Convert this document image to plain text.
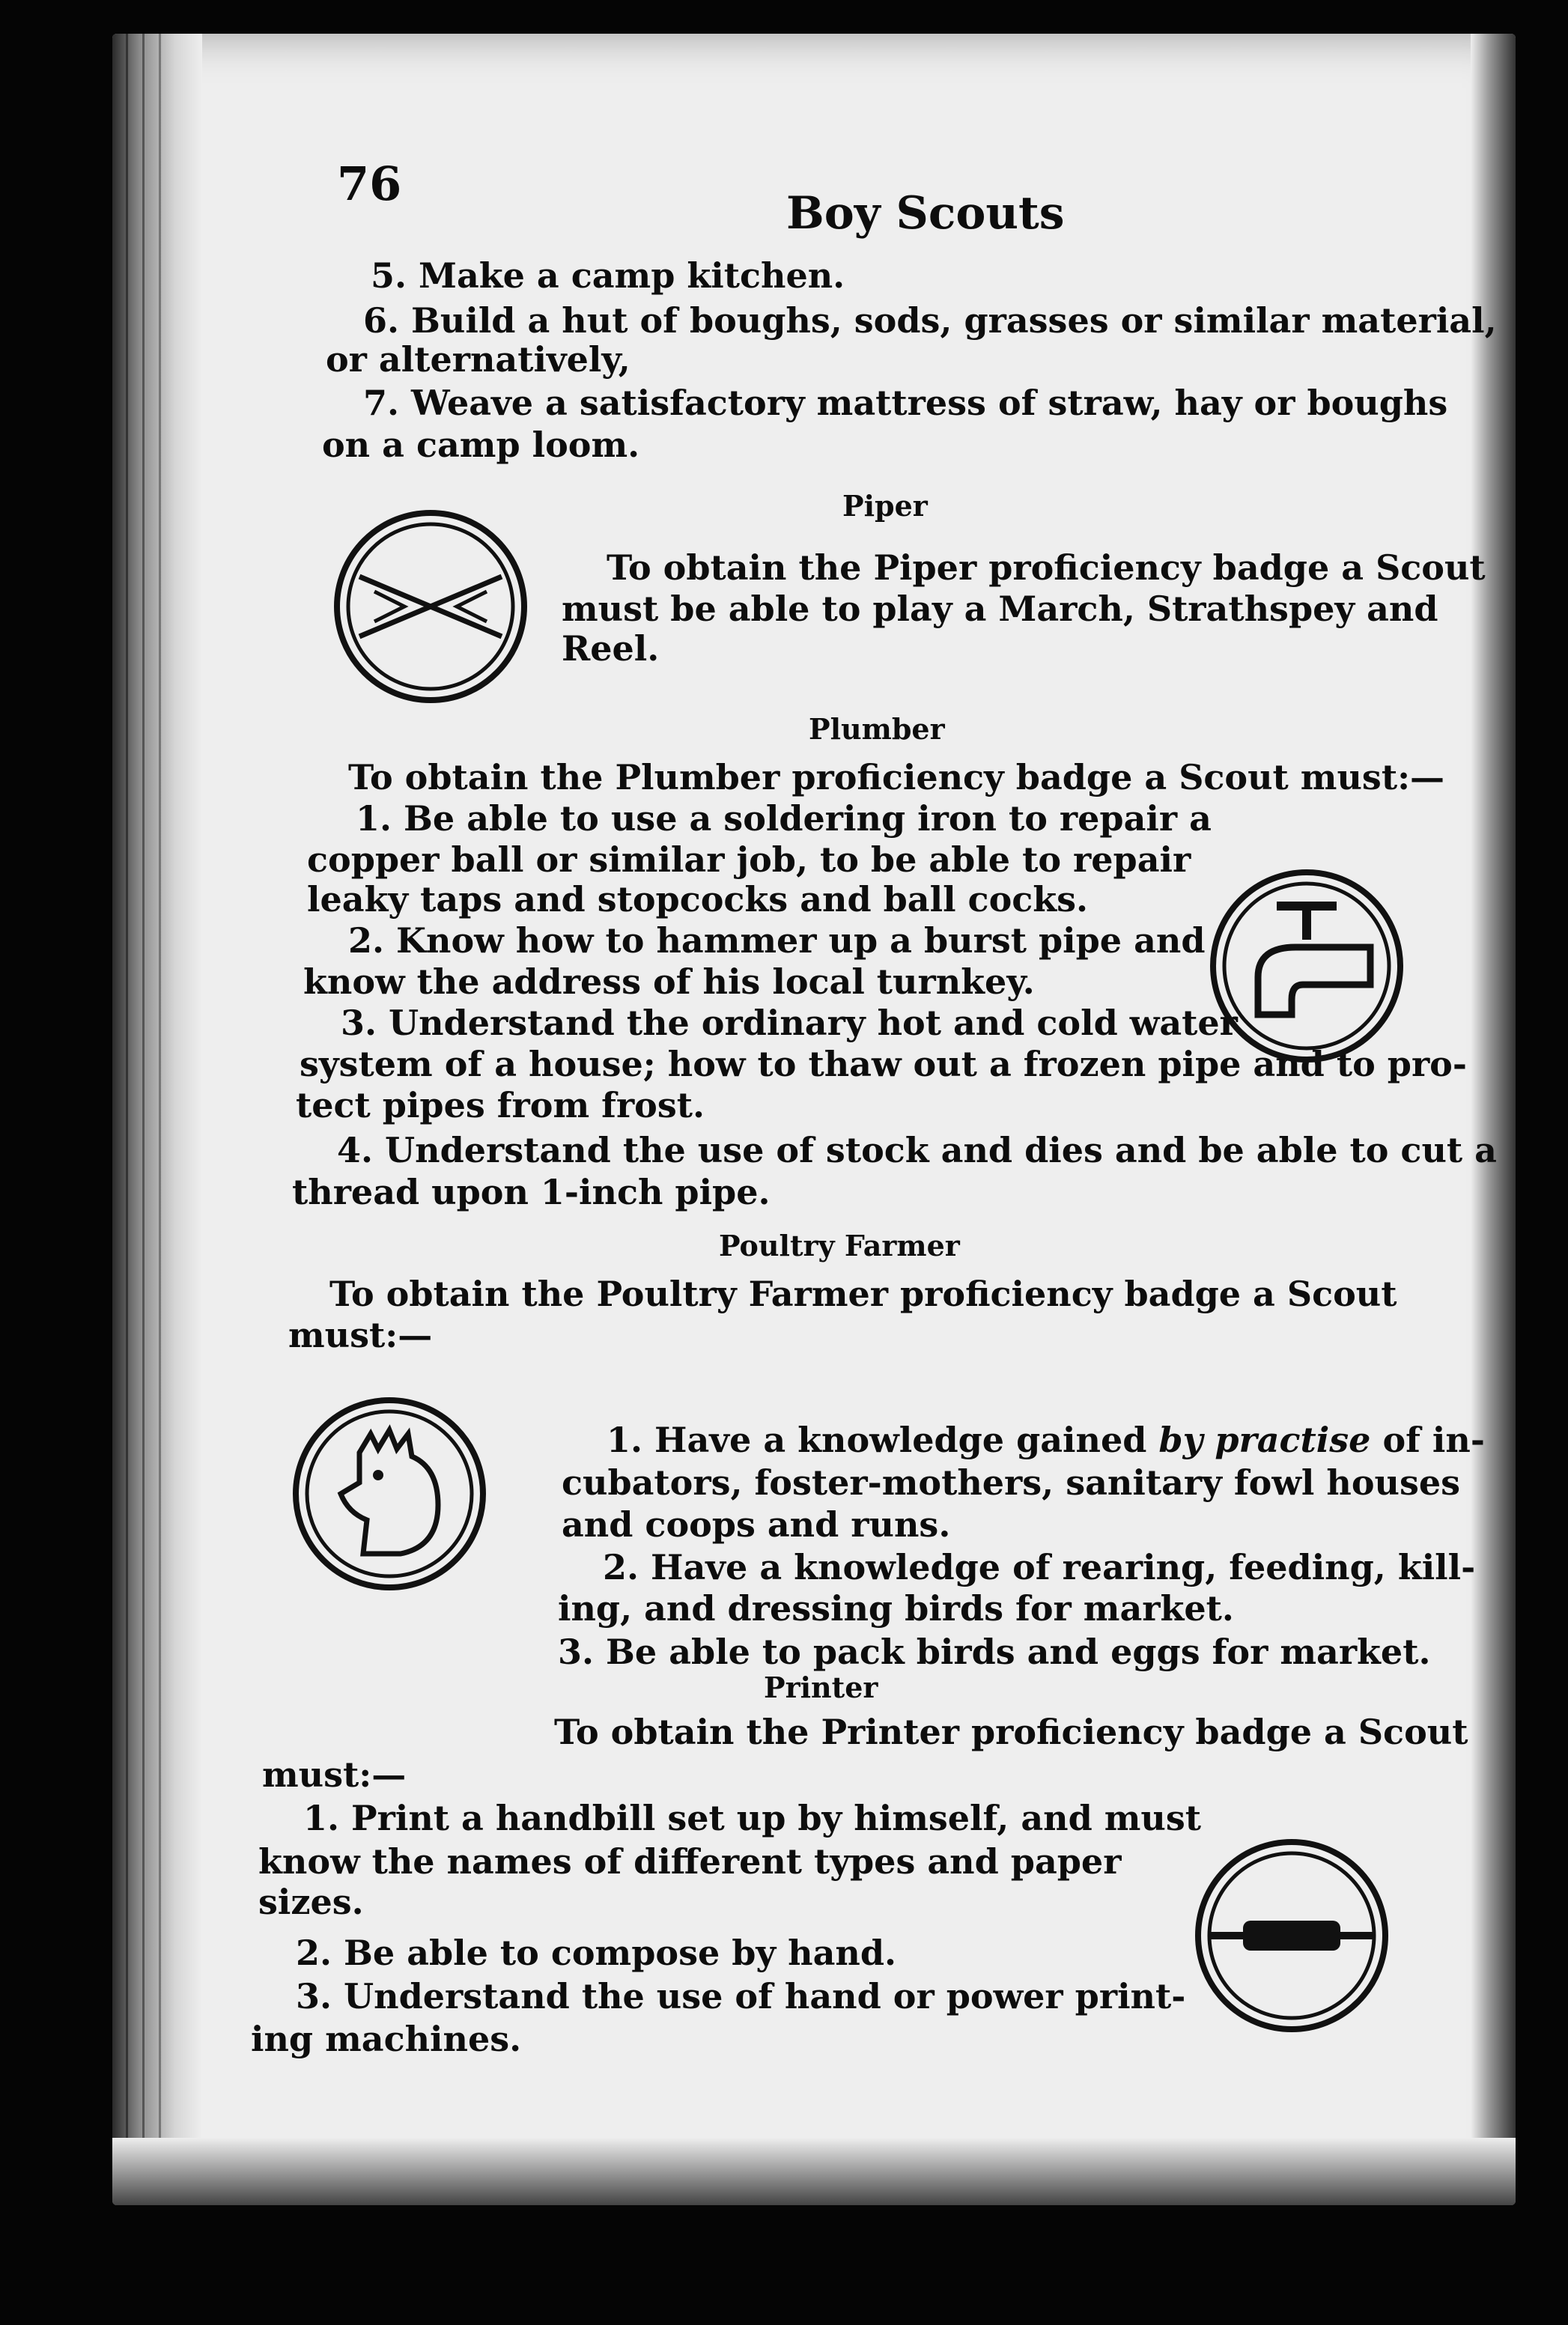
76
Boy Scouts
5. Make a camp kitchen.
6. Build a hut of boughs, sods, grasses or similar material,
or alternatively,
7. Weave a satisfactory mattress of straw, hay or boughs
on a camp loom.
Piper
To obtain the Piper proficiency badge a Scout
must be able to play a March, Strathspey and
Reel.
Plumber
To obtain the Plumber proficiency badge a Scout must:—
1. Be able to use a soldering iron to repair a
copper ball or similar job, to be able to repair
leaky taps and stopcocks and ball cocks.
2. Know how to hammer up a burst pipe and
know the address of his local turnkey.
3. Understand the ordinary hot and cold water
system of a house; how to thaw out a frozen pipe and to pro-
tect pipes from frost.
4. Understand the use of stock and dies and be able to cut a
thread upon 1-inch pipe.
Poultry Farmer
To obtain the Poultry Farmer proficiency badge a Scout
must:—
1. Have a knowledge gained by practise of in-
cubators, foster-mothers, sanitary fowl houses
and coops and runs.
2. Have a knowledge of rearing, feeding, kill-
ing, and dressing birds for market.
3. Be able to pack birds and eggs for market.
Printer
To obtain the Printer proficiency badge a Scout
must:—
1. Print a handbill set up by himself, and must
know the names of different types and paper
sizes.
2. Be able to compose by hand.
3. Understand the use of hand or power print-
ing machines.
